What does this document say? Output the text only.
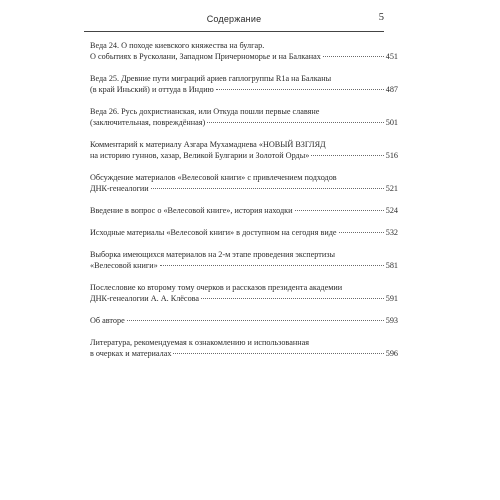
Содержание	5
Веда 24. О походе киевского княжества на булгар.
О событиях в Русколани, Западном Причерноморье и на Балканах	451
Веда 25. Древние пути миграций ариев гаплогруппы R1a на Балканы
(в край Иньский) и оттуда в Индию	487
Веда 26. Русь дохристианская, или Откуда пошли первые славяне
(заключительная, повреждённая)	501
Комментарий к материалу Азгара Мухамаднева «НОВЫЙ ВЗГЛЯД
на историю гуннов, хазар, Великой Булгарии и Золотой Орды»	516
Обсуждение материалов «Велесовой книги» с привлечением подходов
ДНК-генеалогии	521
Введение в вопрос о «Велесовой книге», история находки	524
Исходные материалы «Велесовой книги» в доступном на сегодня виде	532
Выборка имеющихся материалов на 2-м этапе проведения экспертизы
«Велесовой книги»	581
Послесловие ко второму тому очерков и рассказов президента академии
ДНК-генеалогии А. А. Клёсова	591
Об авторе	593
Литература, рекомендуемая к ознакомлению и использованная
в очерках и материалах	596
